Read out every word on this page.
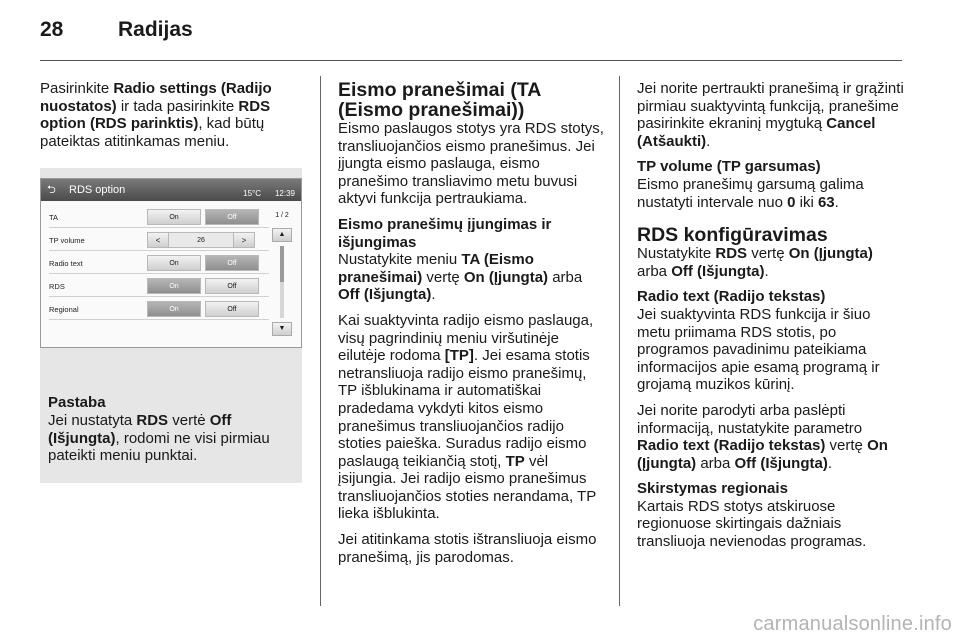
28	Radijas

Pasirinkite Radio settings (Radijo nuostatos) ir tada pasirinkite RDS option (RDS parinktis), kad būtų pateiktas atitinkamas meniu.

⮌	RDS option	15°C 12:39
TA	On	Off
TP volume	<	26	>
Radio text	On	Off
RDS	On	Off
Regional	On	Off
1 / 2
▲
▼
Pastaba

Jei nustatyta RDS vertė Off (Išjungta), rodomi ne visi pirmiau pateikti meniu punktai.

Eismo pranešimai (TA (Eismo pranešimai))

Eismo paslaugos stotys yra RDS stotys, transliuojančios eismo pranešimus. Jei įjungta eismo paslauga, eismo pranešimo transliavimo metu buvusi aktyvi funkcija pertraukiama.

Eismo pranešimų įjungimas ir išjungimas

Nustatykite meniu TA (Eismo pranešimai) vertę On (Įjungta) arba Off (Išjungta).

Kai suaktyvinta radijo eismo paslauga, visų pagrindinių meniu viršutinėje eilutėje rodoma [TP]. Jei esama stotis netransliuoja radijo eismo pranešimų, TP išblukinama ir automatiškai pradedama vykdyti kitos eismo pranešimus transliuojančios radijo stoties paieška. Suradus radijo eismo paslaugą teikiančią stotį, TP vėl įsijungia. Jei radijo eismo pranešimus transliuojančios stoties nerandama, TP lieka išblukinta.

Jei atitinkama stotis ištransliuoja eismo pranešimą, jis parodomas.

Jei norite pertraukti pranešimą ir grąžinti pirmiau suaktyvintą funkciją, pranešime pasirinkite ekraninį mygtuką Cancel (Atšaukti).

TP volume (TP garsumas)

Eismo pranešimų garsumą galima nustatyti intervale nuo 0 iki 63.

RDS konfigūravimas

Nustatykite RDS vertę On (Įjungta) arba Off (Išjungta).

Radio text (Radijo tekstas)

Jei suaktyvinta RDS funkcija ir šiuo metu priimama RDS stotis, po programos pavadinimu pateikiama informacijos apie esamą programą ir grojamą muzikos kūrinį.

Jei norite parodyti arba paslėpti informaciją, nustatykite parametro Radio text (Radijo tekstas) vertę On (Įjungta) arba Off (Išjungta).

Skirstymas regionais

Kartais RDS stotys atskiruose regionuose skirtingais dažniais transliuoja nevienodas programas.

carmanualsonline.info
